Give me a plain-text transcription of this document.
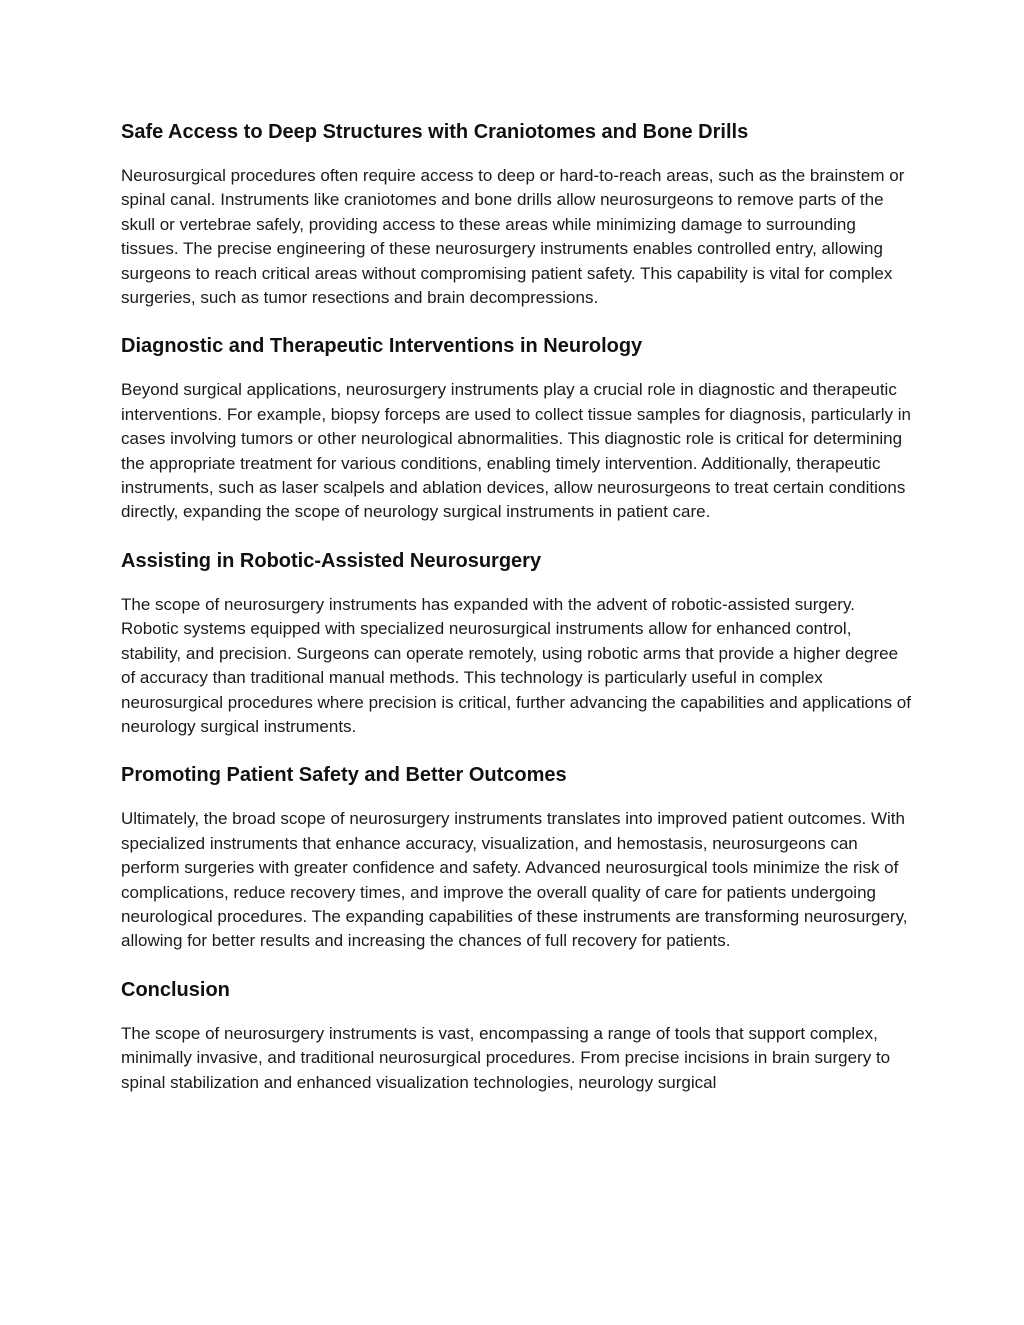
Safe Access to Deep Structures with Craniotomes and Bone Drills

Neurosurgical procedures often require access to deep or hard-to-reach areas, such as the brainstem or spinal canal. Instruments like craniotomes and bone drills allow neurosurgeons to remove parts of the skull or vertebrae safely, providing access to these areas while minimizing damage to surrounding tissues. The precise engineering of these neurosurgery instruments enables controlled entry, allowing surgeons to reach critical areas without compromising patient safety. This capability is vital for complex surgeries, such as tumor resections and brain decompressions.

Diagnostic and Therapeutic Interventions in Neurology

Beyond surgical applications, neurosurgery instruments play a crucial role in diagnostic and therapeutic interventions. For example, biopsy forceps are used to collect tissue samples for diagnosis, particularly in cases involving tumors or other neurological abnormalities. This diagnostic role is critical for determining the appropriate treatment for various conditions, enabling timely intervention. Additionally, therapeutic instruments, such as laser scalpels and ablation devices, allow neurosurgeons to treat certain conditions directly, expanding the scope of neurology surgical instruments in patient care.

Assisting in Robotic-Assisted Neurosurgery

The scope of neurosurgery instruments has expanded with the advent of robotic-assisted surgery. Robotic systems equipped with specialized neurosurgical instruments allow for enhanced control, stability, and precision. Surgeons can operate remotely, using robotic arms that provide a higher degree of accuracy than traditional manual methods. This technology is particularly useful in complex neurosurgical procedures where precision is critical, further advancing the capabilities and applications of neurology surgical instruments.

Promoting Patient Safety and Better Outcomes

Ultimately, the broad scope of neurosurgery instruments translates into improved patient outcomes. With specialized instruments that enhance accuracy, visualization, and hemostasis, neurosurgeons can perform surgeries with greater confidence and safety. Advanced neurosurgical tools minimize the risk of complications, reduce recovery times, and improve the overall quality of care for patients undergoing neurological procedures. The expanding capabilities of these instruments are transforming neurosurgery, allowing for better results and increasing the chances of full recovery for patients.

Conclusion

The scope of neurosurgery instruments is vast, encompassing a range of tools that support complex, minimally invasive, and traditional neurosurgical procedures. From precise incisions in brain surgery to spinal stabilization and enhanced visualization technologies, neurology surgical
